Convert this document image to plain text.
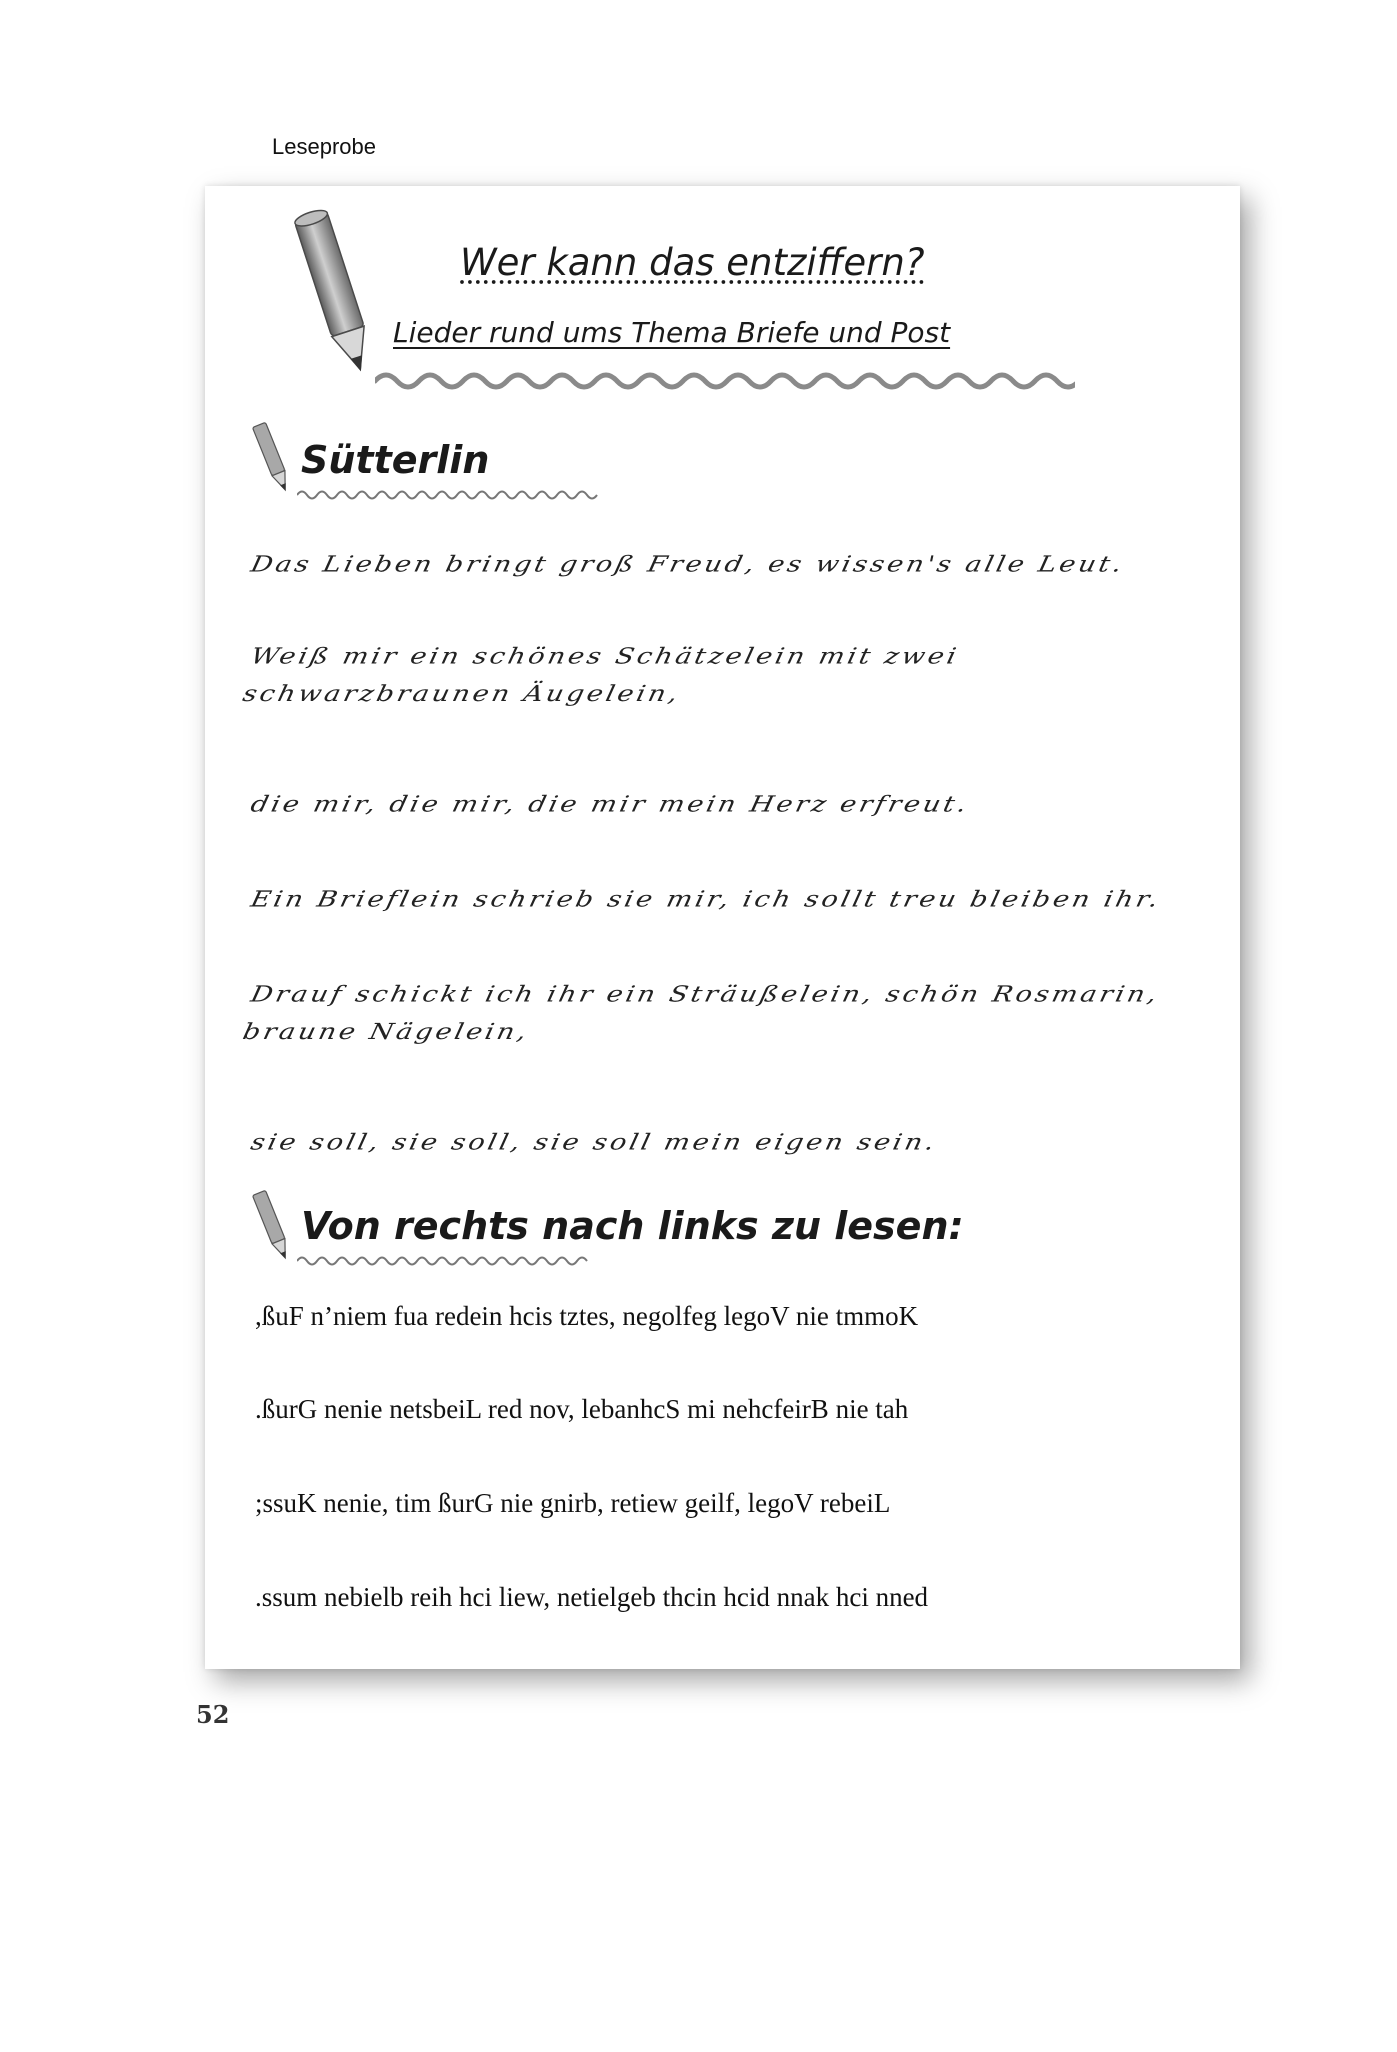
Leseprobe
Wer kann das entziffern?
Lieder rund ums Thema Briefe und Post
Sütterlin
Das Lieben bringt groß Freud, es wissen's alle Leut.
Weiß mir ein schönes Schätzelein mit zwei schwarzbraunen Äugelein,
die mir, die mir, die mir mein Herz erfreut.
Ein Brieflein schrieb sie mir, ich sollt treu bleiben ihr.
Drauf schickt ich ihr ein Sträußelein, schön Rosmarin, braune Nägelein,
sie soll, sie soll, sie soll mein eigen sein.
Von rechts nach links zu lesen:
,ßuF n’niem fua redein hcis tztes, negolfeg legoV nie tmmoK
.ßurG nenie netsbeiL red nov, lebanhcS mi nehcfeirB nie tah
;ssuK nenie, tim ßurG nie gnirb, retiew geilf, legoV rebeiL
.ssum nebielb reih hci liew, netielgeb thcin hcid nnak hci nned
52
